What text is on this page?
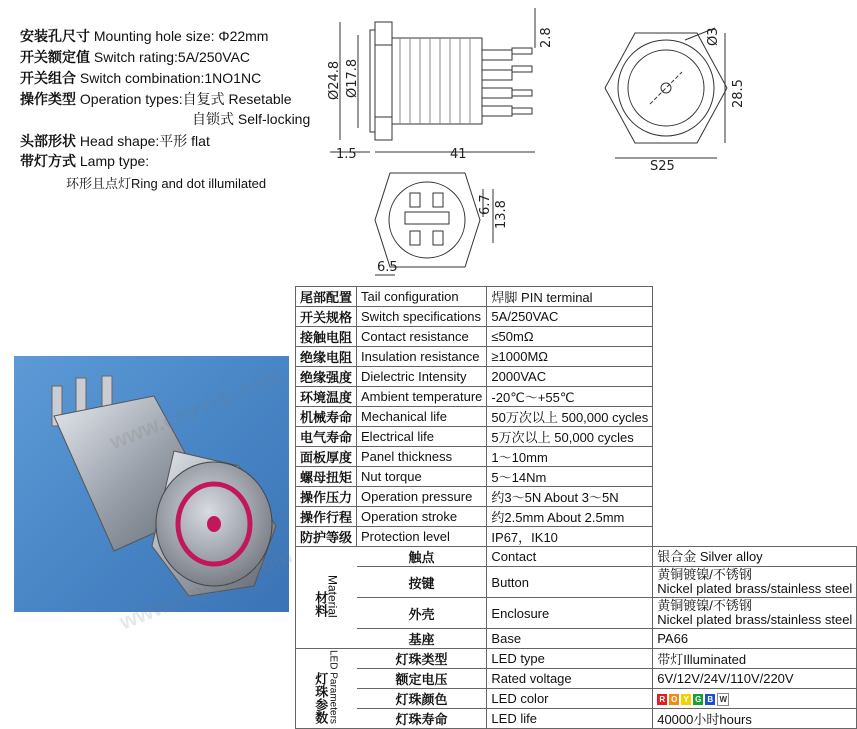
安装孔尺寸 Mounting hole size: Φ22mm
开关额定值 Switch rating:5A/250VAC
开关组合 Switch combination:1NO1NC
操作类型 Operation types:自复式 Resetable
自锁式 Self-locking
头部形状 Head shape:平形 flat
带灯方式 Lamp type:
环形且点灯Ring and dot illumilated
Ø24.8 Ø17.8
1.5	41
2.8
S25
28.5
Ø3
6.7 13.8
6.5
www.cnyvcb.com
尾部配置	Tail configuration	焊脚 PIN terminal	
开关规格	Switch specifications	5A/250VAC	
接触电阻	Contact resistance	≤50mΩ	
绝缘电阻	Insulation resistance	≥1000MΩ	
绝缘强度	Dielectric Intensity	2000VAC	
环境温度	Ambient temperature	-20℃～+55℃	
机械寿命	Mechanical life	50万次以上 500,000 cycles	
电气寿命	Electrical life	5万次以上 50,000 cycles	
面板厚度	Panel thickness	1～10mm	
螺母扭矩	Nut torque	5～14Nm	
操作压力	Operation pressure	约3～5N About 3～5N	
操作行程	Operation stroke	约2.5mm About 2.5mm	
防护等级	Protection level	IP67，IK10	
材料Material	触点	Contact	银合金 Silver alloy

	按键	Button	黄铜镀镍/不锈钢
Nickel plated brass/stainless steel

	外壳	Enclosure	黄铜镀镍/不锈钢
Nickel plated brass/stainless steel

	基座	Base	PA66

灯珠参数LED Parameters	灯珠类型	LED type	带灯Illuminated
	额定电压	Rated voltage	6V/12V/24V/110V/220V
	灯珠颜色	LED color	R O Y G B W
	灯珠寿命	LED life	40000小时hours
